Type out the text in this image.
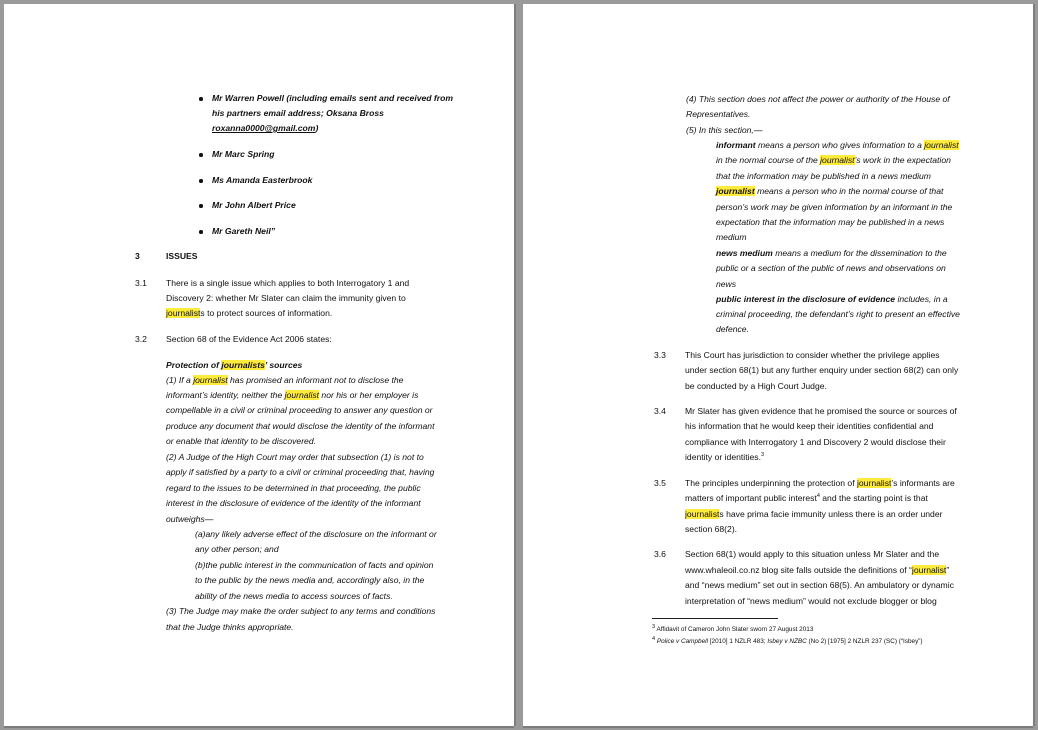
Mr Warren Powell (including emails sent and received from
his partners email address; Oksana Bross
roxanna0000@gmail.com)
Mr Marc Spring
Ms Amanda Easterbrook
Mr John Albert Price
Mr Gareth Neil”
3	ISSUES
3.1 There is a single issue which applies to both Interrogatory 1 and
Discovery 2: whether Mr Slater can claim the immunity given to
journalists to protect sources of information.
3.2 Section 68 of the Evidence Act 2006 states:
Protection of journalists’ sources
(1) If a journalist has promised an informant not to disclose the
informant’s identity, neither the journalist nor his or her employer is
compellable in a civil or criminal proceeding to answer any question or
produce any document that would disclose the identity of the informant
or enable that identity to be discovered.
(2) A Judge of the High Court may order that subsection (1) is not to
apply if satisfied by a party to a civil or criminal proceeding that, having
regard to the issues to be determined in that proceeding, the public
interest in the disclosure of evidence of the identity of the informant
outweighs—
(a)any likely adverse effect of the disclosure on the informant or
any other person; and
(b)the public interest in the communication of facts and opinion
to the public by the news media and, accordingly also, in the
ability of the news media to access sources of facts.
(3) The Judge may make the order subject to any terms and conditions
that the Judge thinks appropriate.
(4) This section does not affect the power or authority of the House of
Representatives.
(5) In this section,—
informant means a person who gives information to a journalist
in the normal course of the journalist’s work in the expectation
that the information may be published in a news medium
journalist means a person who in the normal course of that
person’s work may be given information by an informant in the
expectation that the information may be published in a news
medium
news medium means a medium for the dissemination to the
public or a section of the public of news and observations on
news
public interest in the disclosure of evidence includes, in a
criminal proceeding, the defendant’s right to present an effective
defence.
3.3 This Court has jurisdiction to consider whether the privilege applies
under section 68(1) but any further enquiry under section 68(2) can only
be conducted by a High Court Judge.
3.4 Mr Slater has given evidence that he promised the source or sources of
his information that he would keep their identities confidential and
compliance with Interrogatory 1 and Discovery 2 would disclose their
identity or identities.$^3$
3.5 The principles underpinning the protection of journalist’s informants are
matters of important public interest$^4$ and the starting point is that
journalists have prima facie immunity unless there is an order under
section 68(2).
3.6 Section 68(1) would apply to this situation unless Mr Slater and the
www.whaleoil.co.nz blog site falls outside the definitions of “journalist”
and “news medium” set out in section 68(5). An ambulatory or dynamic
interpretation of “news medium” would not exclude blogger or blog
$^3$ Affidavit of Cameron John Slater sworn 27 August 2013
$^4$ Police v Campbell [2010] 1 NZLR 483; Isbey v NZBC (No 2) [1975] 2 NZLR 237 (SC) (“Isbey”)
